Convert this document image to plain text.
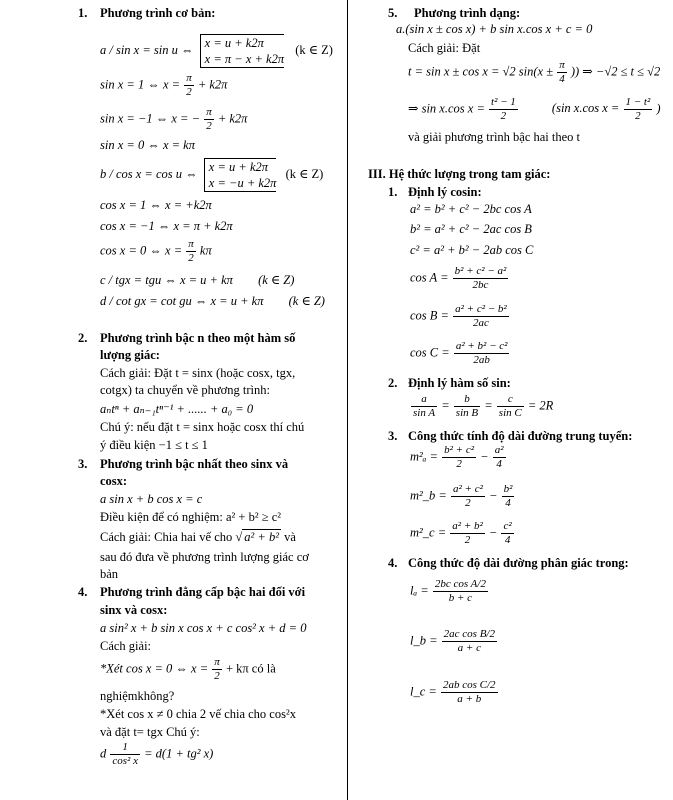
1. Phương trình cơ bản:
a / sin x = sin u ⇔ x = u + k2π
x = π − x + k2π
(k ∈ Z)
sin x = 1 ⇔ $x = \frac{\pi}{2} + k2\pi$
sin x = −1 ⇔ x = − $\frac{\pi}{2} + k2\pi$
sin x = 0 ⇔ x = kπ
b / cos x = cos u ⇔ x = u + k2π
x = −u + k2π
(k ∈ Z)
cos x = 1 ⇔ x = +k2π
cos x = −1 ⇔ x = π + k2π
cos x = 0 ⇔ $x = \frac{\pi}{2}$ kπ
c / tgx = tgu ⇔ x = u + kπ (k ∈ Z)
d / cot gx = cot gu ⇔ x = u + kπ (k ∈ Z)
2. Phương trình bậc n theo một hàm số
lượng giác:
Cách giải: Đặt t = sinx (hoặc cosx, tgx,
cotgx) ta chuyển về phương trình:
aₙtⁿ + aₙ₋₁tⁿ⁻¹ + ...... + a₀ = 0
Chú ý: nếu đặt t = sinx hoặc cosx thí chú
ý điều kiện −1 ≤ t ≤ 1
3. Phương trình bậc nhất theo sinx và
cosx:
a sin x + b cos x = c
Điều kiện để có nghiệm: a² + b² ≥ c²
Cách giải: Chia hai vế cho √ a² + b² và
sau đó đưa về phương trình lượng giác cơ
bản
4. Phương trình đẳng cấp bậc hai đối với
sinx và cosx:
a sin² x + b sin x cos x + c cos² x + d = 0
Cách giải:
*Xét cos x = 0 ⇔ $x = \frac{\pi}{2} + k\pi$ có là
nghiệmkhông?
*Xét cos x ≠ 0 chia 2 vế chia cho cos²x
và đặt t= tgx Chú ý:
d $\frac{1}{\text{cos² x}} = d(1 + tg^2$ x)
5. Phương trình dạng:
a.(sin x ± cos x) + b sin x.cos x + c = 0
Cách giải: Đặt
t = sin x ± cos x = √2 $\sin(x \pm \frac{\pi}{4}$ )) ⇒ −√2 ≤ t ≤ √2
⇒ sin x.cos $x = \frac{\text{t² − 1}}{2}$	(sin x.cos $x = \frac{\text{1 − t²}}{2}$ )
và giải phương trình bậc hai theo t
III. Hệ thức lượng trong tam giác:
1. Định lý cosin:
a² = b² + c² − 2bc cos A
b² = a² + c² − 2ac cos B
c² = a² + b² − 2ab cos C
$\cos A = \frac{\text{b² + c² − a²}}{2bc}$
$\cos B = \frac{\text{a² + c² − b²}}{2ac}$
$\cos C = \frac{\text{a² + b² − c²}}{2ab}$
2. Định lý hàm số sin:
$\frac{a}{\text{sin A}} = \frac{b}{\text{sin B}} = \frac{c}{\text{sin C}} = 2R$
3. Công thức tính độ dài đường trung tuyến:
$m^2_a = \frac{\text{b² + c²}}{2} - \frac{\text{a²}}{4}$
m²_b = $\frac{\text{a² + c²}}{2} - \frac{\text{b²}}{4}$
m²_c = $\frac{\text{a² + b²}}{2} - \frac{\text{c²}}{4}$
4. Công thức độ dài đường phân giác trong:
$l_a = \frac{\text{2bc cos A/2}}{b + c}$
l_b = $\frac{\text{2ac cos B/2}}{a + c}$
l_c = $\frac{\text{2ab cos C/2}}{a + b}$
